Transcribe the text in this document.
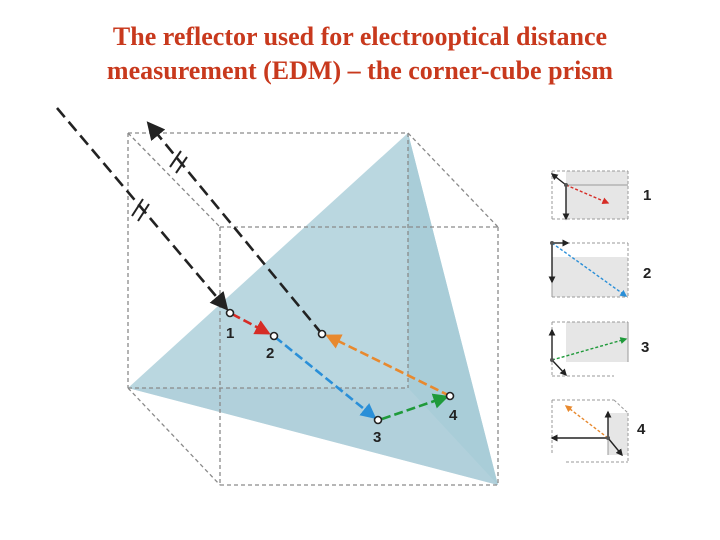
The reflector used for electrooptical distance
measurement (EDM) – the corner-cube prism
1
2
3
4
1
2
3
4
